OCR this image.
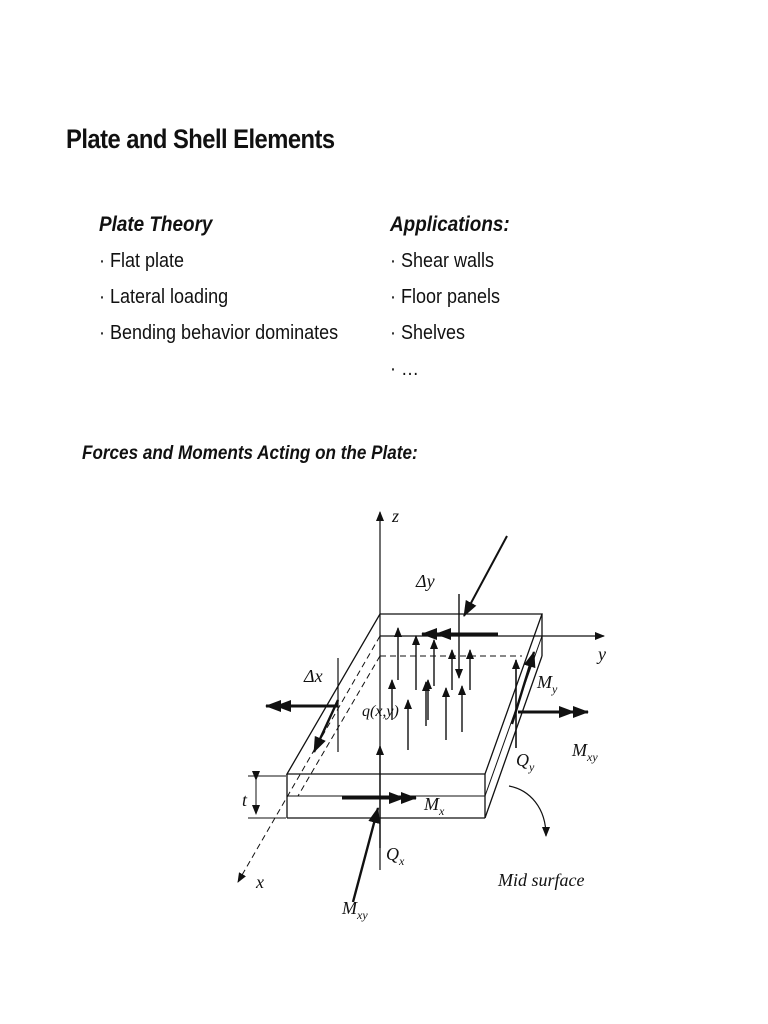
Plate and Shell Elements
Plate Theory
· Flat plate
· Lateral loading
· Bending behavior dominates
Applications:
· Shear walls
· Floor panels
· Shelves
· …
Forces and Moments Acting on the Plate:
z
y
x
Δy
Δx
q(x,y)
t
$M_y$
$M_{xy}$
$Q_y$
$M_x$
$Q_x$
$M_{xy}$
Mid surface
